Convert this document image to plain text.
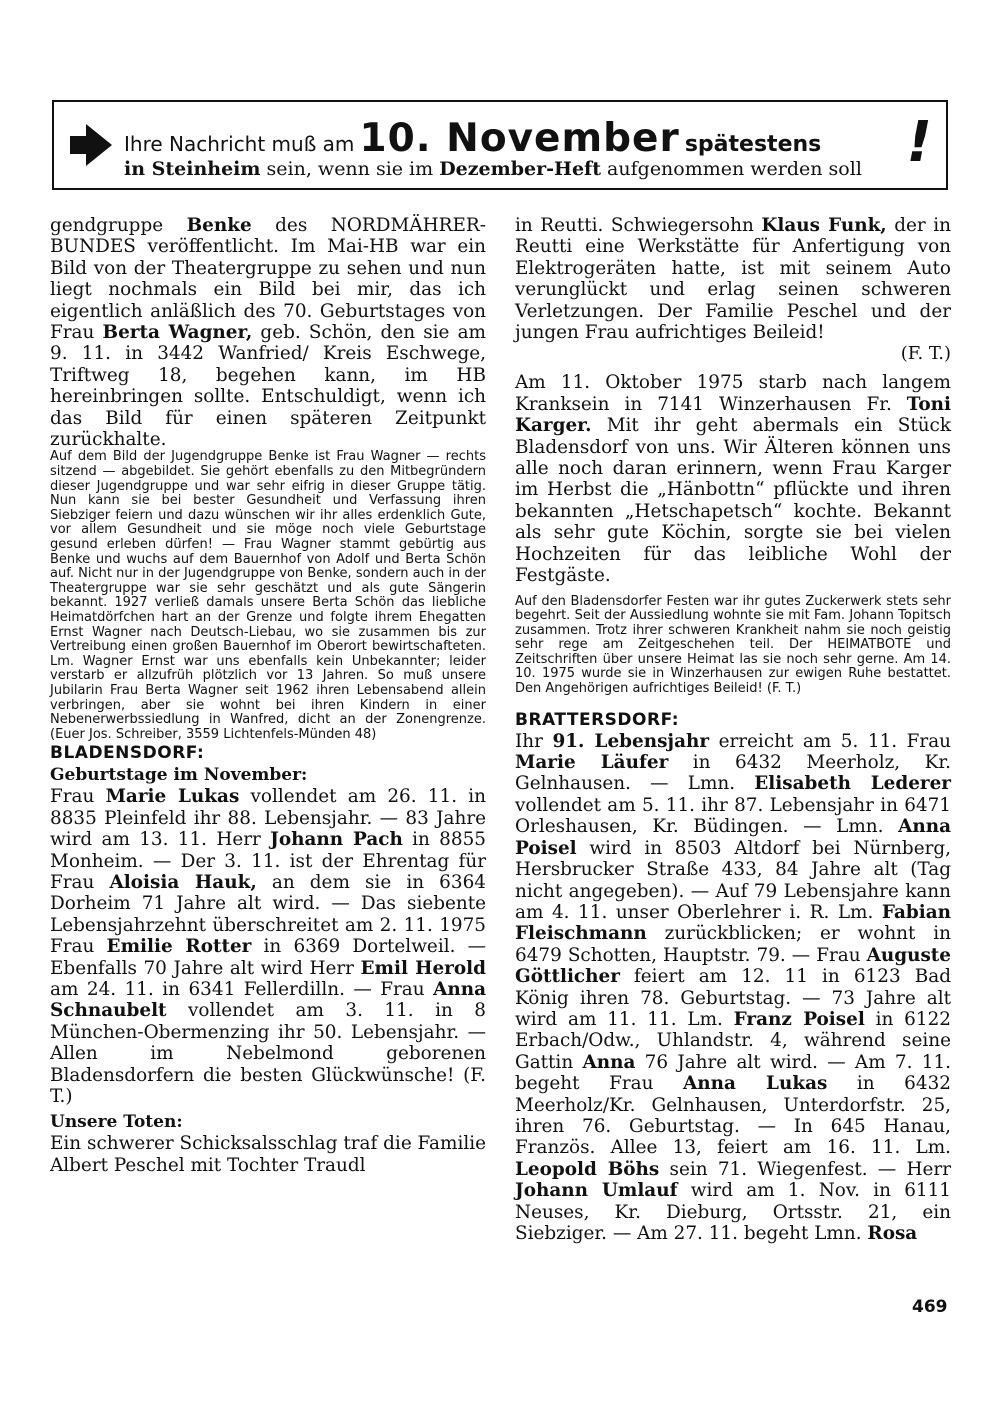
Ihre Nachricht muß am 10. November spätestens
in Steinheim sein, wenn sie im Dezember-Heft aufgenommen werden soll !

gendgruppe Benke des NORDMÄHRER-BUNDES veröffentlicht. Im Mai-HB war ein Bild von der Theatergruppe zu sehen und nun liegt nochmals ein Bild bei mir, das ich eigentlich anläßlich des 70. Geburtstages von Frau Berta Wagner, geb. Schön, den sie am 9. 11. in 3442 Wanfried/ Kreis Eschwege, Triftweg 18, begehen kann, im HB hereinbringen sollte. Entschuldigt, wenn ich das Bild für einen späteren Zeitpunkt zurückhalte.

Auf dem Bild der Jugendgruppe Benke ist Frau Wagner — rechts sitzend — abgebildet. Sie gehört ebenfalls zu den Mitbegründern dieser Jugendgruppe und war sehr eifrig in dieser Gruppe tätig. Nun kann sie bei bester Gesundheit und Verfassung ihren Siebziger feiern und dazu wünschen wir ihr alles erdenklich Gute, vor allem Gesundheit und sie möge noch viele Geburtstage gesund erleben dürfen! — Frau Wagner stammt gebürtig aus Benke und wuchs auf dem Bauernhof von Adolf und Berta Schön auf. Nicht nur in der Jugendgruppe von Benke, sondern auch in der Theatergruppe war sie sehr geschätzt und als gute Sängerin bekannt. 1927 verließ damals unsere Berta Schön das liebliche Heimatdörfchen hart an der Grenze und folgte ihrem Ehegatten Ernst Wagner nach Deutsch-Liebau, wo sie zusammen bis zur Vertreibung einen großen Bauernhof im Oberort bewirtschafteten. Lm. Wagner Ernst war uns ebenfalls kein Unbekannter; leider verstarb er allzufrüh plötzlich vor 13 Jahren. So muß unsere Jubilarin Frau Berta Wagner seit 1962 ihren Lebensabend allein verbringen, aber sie wohnt bei ihren Kindern in einer Nebenerwerbssiedlung in Wanfred, dicht an der Zonengrenze. (Euer Jos. Schreiber, 3559 Lichtenfels-Münden 48)

BLADENSDORF:

Geburtstage im November:

Frau Marie Lukas vollendet am 26. 11. in 8835 Pleinfeld ihr 88. Lebensjahr. — 83 Jahre wird am 13. 11. Herr Johann Pach in 8855 Monheim. — Der 3. 11. ist der Ehrentag für Frau Aloisia Hauk, an dem sie in 6364 Dorheim 71 Jahre alt wird. — Das siebente Lebensjahrzehnt überschreitet am 2. 11. 1975 Frau Emilie Rotter in 6369 Dortelweil. — Ebenfalls 70 Jahre alt wird Herr Emil Herold am 24. 11. in 6341 Fellerdilln. — Frau Anna Schnaubelt vollendet am 3. 11. in 8 München-Obermenzing ihr 50. Lebensjahr. — Allen im Nebelmond geborenen Bladensdorfern die besten Glückwünsche! (F. T.)

Unsere Toten:

Ein schwerer Schicksalsschlag traf die Familie Albert Peschel mit Tochter Traudl

in Reutti. Schwiegersohn Klaus Funk, der in Reutti eine Werkstätte für Anfertigung von Elektrogeräten hatte, ist mit seinem Auto verunglückt und erlag seinen schweren Verletzungen. Der Familie Peschel und der jungen Frau aufrichtiges Beileid!

(F. T.)

Am 11. Oktober 1975 starb nach langem Kranksein in 7141 Winzerhausen Fr. Toni Karger. Mit ihr geht abermals ein Stück Bladensdorf von uns. Wir Älteren können uns alle noch daran erinnern, wenn Frau Karger im Herbst die „Hänbottn“ pflückte und ihren bekannten „Hetschapetsch“ kochte. Bekannt als sehr gute Köchin, sorgte sie bei vielen Hochzeiten für das leibliche Wohl der Festgäste.

Auf den Bladensdorfer Festen war ihr gutes Zuckerwerk stets sehr begehrt. Seit der Aussiedlung wohnte sie mit Fam. Johann Topitsch zusammen. Trotz ihrer schweren Krankheit nahm sie noch geistig sehr rege am Zeitgeschehen teil. Der HEIMATBOTE und Zeitschriften über unsere Heimat las sie noch sehr gerne. Am 14. 10. 1975 wurde sie in Winzerhausen zur ewigen Ruhe bestattet. Den Angehörigen aufrichtiges Beileid! (F. T.)

BRATTERSDORF:

Ihr 91. Lebensjahr erreicht am 5. 11. Frau Marie Läufer in 6432 Meerholz, Kr. Gelnhausen. — Lmn. Elisabeth Lederer vollendet am 5. 11. ihr 87. Lebensjahr in 6471 Orleshausen, Kr. Büdingen. — Lmn. Anna Poisel wird in 8503 Altdorf bei Nürnberg, Hersbrucker Straße 433, 84 Jahre alt (Tag nicht angegeben). — Auf 79 Lebensjahre kann am 4. 11. unser Oberlehrer i. R. Lm. Fabian Fleischmann zurückblicken; er wohnt in 6479 Schotten, Hauptstr. 79. — Frau Auguste Göttlicher feiert am 12. 11 in 6123 Bad König ihren 78. Geburtstag. — 73 Jahre alt wird am 11. 11. Lm. Franz Poisel in 6122 Erbach/Odw., Uhlandstr. 4, während seine Gattin Anna 76 Jahre alt wird. — Am 7. 11. begeht Frau Anna Lukas in 6432 Meerholz/Kr. Gelnhausen, Unterdorfstr. 25, ihren 76. Geburtstag. — In 645 Hanau, Französ. Allee 13, feiert am 16. 11. Lm. Leopold Böhs sein 71. Wiegenfest. — Herr Johann Umlauf wird am 1. Nov. in 6111 Neuses, Kr. Dieburg, Ortsstr. 21, ein Siebziger. — Am 27. 11. begeht Lmn. Rosa

469
